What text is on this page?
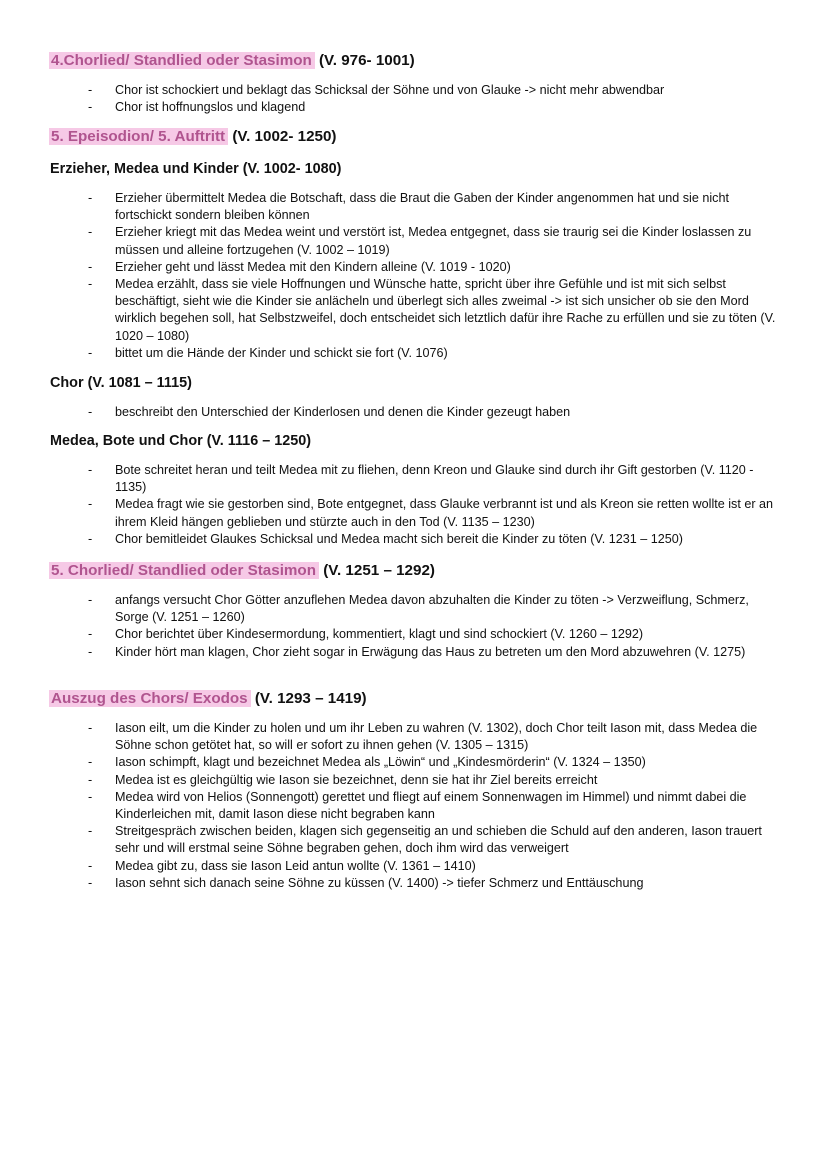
4.Chorlied/ Standlied oder Stasimon (V. 976- 1001)
- Chor ist schockiert und beklagt das Schicksal der Söhne und von Glauke -> nicht mehr abwendbar
- Chor ist hoffnungslos und klagend
5. Epeisodion/ 5. Auftritt (V. 1002- 1250)
Erzieher, Medea und Kinder (V. 1002- 1080)
- Erzieher übermittelt Medea die Botschaft, dass die Braut die Gaben der Kinder angenommen hat und sie nicht fortschickt sondern bleiben können
- Erzieher kriegt mit das Medea weint und verstört ist, Medea entgegnet, dass sie traurig sei die Kinder loslassen zu müssen und alleine fortzugehen (V. 1002 – 1019)
- Erzieher geht und lässt Medea mit den Kindern alleine (V. 1019 - 1020)
- Medea erzählt, dass sie viele Hoffnungen und Wünsche hatte, spricht über ihre Gefühle und ist mit sich selbst beschäftigt, sieht wie die Kinder sie anlächeln und überlegt sich alles zweimal -> ist sich unsicher ob sie den Mord wirklich begehen soll, hat Selbstzweifel, doch entscheidet sich letztlich dafür ihre Rache zu erfüllen und sie zu töten (V. 1020 – 1080)
- bittet um die Hände der Kinder und schickt sie fort (V. 1076)
Chor (V. 1081 – 1115)
- beschreibt den Unterschied der Kinderlosen und denen die Kinder gezeugt haben
Medea, Bote und Chor (V. 1116 – 1250)
- Bote schreitet heran und teilt Medea mit zu fliehen, denn Kreon und Glauke sind durch ihr Gift gestorben (V. 1120 - 1135)
- Medea fragt wie sie gestorben sind, Bote entgegnet, dass Glauke verbrannt ist und als Kreon sie retten wollte ist er an ihrem Kleid hängen geblieben und stürzte auch in den Tod (V. 1135 – 1230)
- Chor bemitleidet Glaukes Schicksal und Medea macht sich bereit die Kinder zu töten (V. 1231 – 1250)
5. Chorlied/ Standlied oder Stasimon (V. 1251 – 1292)
- anfangs versucht Chor Götter anzuflehen Medea davon abzuhalten die Kinder zu töten -> Verzweiflung, Schmerz, Sorge (V. 1251 – 1260)
- Chor berichtet über Kindesermordung, kommentiert, klagt und sind schockiert (V. 1260 – 1292)
- Kinder hört man klagen, Chor zieht sogar in Erwägung das Haus zu betreten um den Mord abzuwehren (V. 1275)
Auszug des Chors/ Exodos (V. 1293 – 1419)
- Iason eilt, um die Kinder zu holen und um ihr Leben zu wahren (V. 1302), doch Chor teilt Iason mit, dass Medea die Söhne schon getötet hat, so will er sofort zu ihnen gehen (V. 1305 – 1315)
- Iason schimpft, klagt und bezeichnet Medea als „Löwin“ und „Kindesmörderin“ (V. 1324 – 1350)
- Medea ist es gleichgültig wie Iason sie bezeichnet, denn sie hat ihr Ziel bereits erreicht
- Medea wird von Helios (Sonnengott) gerettet und fliegt auf einem Sonnenwagen im Himmel) und nimmt dabei die Kinderleichen mit, damit Iason diese nicht begraben kann
- Streitgespräch zwischen beiden, klagen sich gegenseitig an und schieben die Schuld auf den anderen, Iason trauert sehr und will erstmal seine Söhne begraben gehen, doch ihm wird das verweigert
- Medea gibt zu, dass sie Iason Leid antun wollte (V. 1361 – 1410)
- Iason sehnt sich danach seine Söhne zu küssen (V. 1400) -> tiefer Schmerz und Enttäuschung
